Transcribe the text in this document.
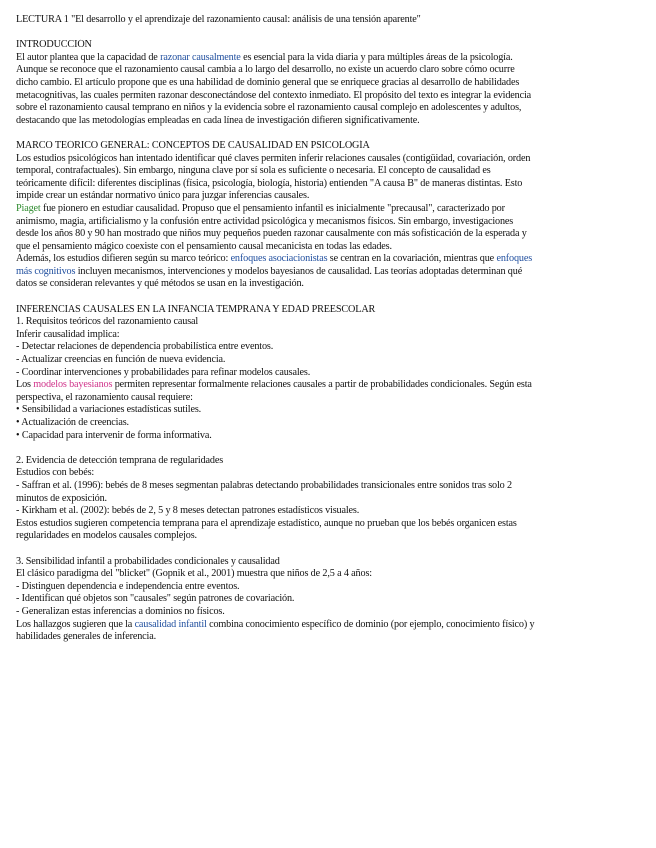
LECTURA 1 "El desarrollo y el aprendizaje del razonamiento causal: análisis de una tensión aparente"
INTRODUCCIÓN
El autor plantea que la capacidad de razonar causalmente es esencial para la vida diaria y para múltiples áreas de la psicología.
Aunque se reconoce que el razonamiento causal cambia a lo largo del desarrollo, no existe un acuerdo claro sobre cómo ocurre
dicho cambio. El artículo propone que es una habilidad de dominio general que se enriquece gracias al desarrollo de habilidades
metacognitivas, las cuales permiten razonar desconectándose del contexto inmediato. El propósito del texto es integrar la evidencia
sobre el razonamiento causal temprano en niños y la evidencia sobre el razonamiento causal complejo en adolescentes y adultos,
destacando que las metodologías empleadas en cada línea de investigación difieren significativamente.
MARCO TEÓRICO GENERAL: CONCEPTOS DE CAUSALIDAD EN PSICOLOGÍA
Los estudios psicológicos han intentado identificar qué claves permiten inferir relaciones causales (contigüidad, covariación, orden
temporal, contrafactuales). Sin embargo, ninguna clave por sí sola es suficiente o necesaria. El concepto de causalidad es
teóricamente difícil: diferentes disciplinas (física, psicología, biología, historia) entienden "A causa B" de maneras distintas. Esto
impide crear un estándar normativo único para juzgar inferencias causales.
Piaget fue pionero en estudiar causalidad. Propuso que el pensamiento infantil es inicialmente "precausal", caracterizado por
animismo, magia, artificialismo y la confusión entre actividad psicológica y mecanismos físicos. Sin embargo, investigaciones
desde los años 80 y 90 han mostrado que niños muy pequeños pueden razonar causalmente con más sofisticación de la esperada y
que el pensamiento mágico coexiste con el pensamiento causal mecanicista en todas las edades.
Además, los estudios difieren según su marco teórico: enfoques asociacionistas se centran en la covariación, mientras que enfoques
más cognitivos incluyen mecanismos, intervenciones y modelos bayesianos de causalidad. Las teorías adoptadas determinan qué
datos se consideran relevantes y qué métodos se usan en la investigación.
INFERENCIAS CAUSALES EN LA INFANCIA TEMPRANA Y EDAD PREESCOLAR
1. Requisitos teóricos del razonamiento causal
Inferir causalidad implica:
- Detectar relaciones de dependencia probabilística entre eventos.
- Actualizar creencias en función de nueva evidencia.
- Coordinar intervenciones y probabilidades para refinar modelos causales.
Los modelos bayesianos permiten representar formalmente relaciones causales a partir de probabilidades condicionales. Según esta
perspectiva, el razonamiento causal requiere:
• Sensibilidad a variaciones estadísticas sutiles.
• Actualización de creencias.
• Capacidad para intervenir de forma informativa.
2. Evidencia de detección temprana de regularidades
Estudios con bebés:
- Saffran et al. (1996): bebés de 8 meses segmentan palabras detectando probabilidades transicionales entre sonidos tras solo 2
minutos de exposición.
- Kirkham et al. (2002): bebés de 2, 5 y 8 meses detectan patrones estadísticos visuales.
Estos estudios sugieren competencia temprana para el aprendizaje estadístico, aunque no prueban que los bebés organicen estas
regularidades en modelos causales complejos.
3. Sensibilidad infantil a probabilidades condicionales y causalidad
El clásico paradigma del "blicket" (Gopnik et al., 2001) muestra que niños de 2,5 a 4 años:
- Distinguen dependencia e independencia entre eventos.
- Identifican qué objetos son "causales" según patrones de covariación.
- Generalizan estas inferencias a dominios no físicos.
Los hallazgos sugieren que la causalidad infantil combina conocimiento específico de dominio (por ejemplo, conocimiento físico) y
habilidades generales de inferencia.
